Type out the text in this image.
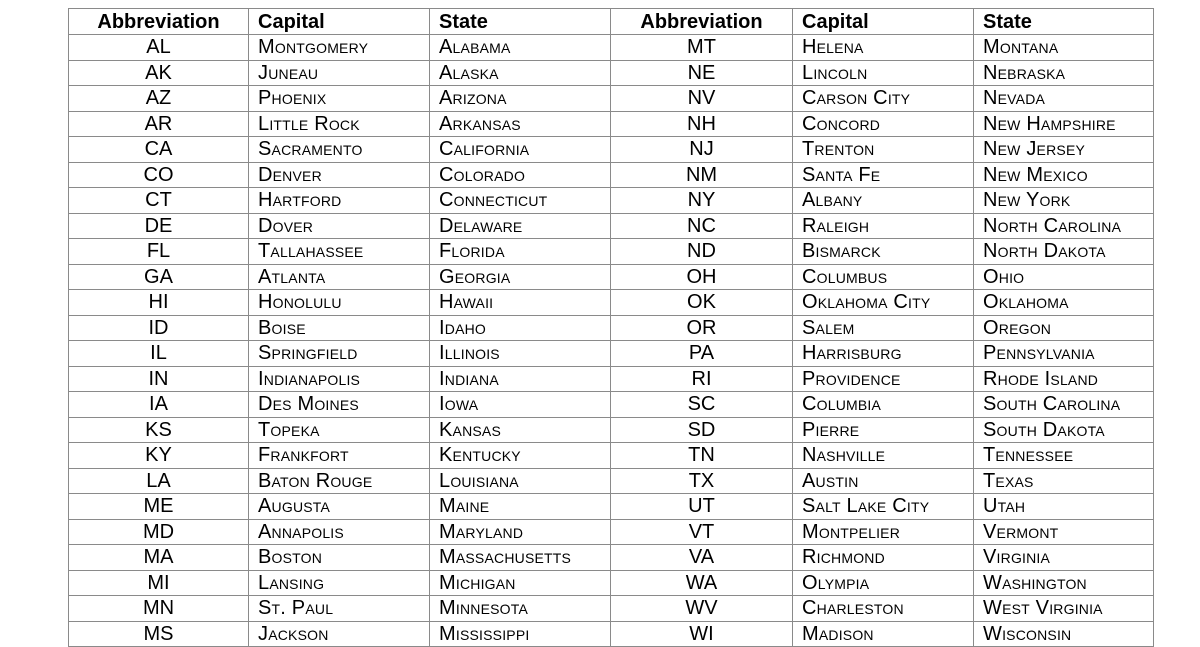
Abbreviation	Capital	State	Abbreviation	Capital	State
AL	Montgomery	Alabama	MT	Helena	Montana
AK	Juneau	Alaska	NE	Lincoln	Nebraska
AZ	Phoenix	Arizona	NV	Carson City	Nevada
AR	Little Rock	Arkansas	NH	Concord	New Hampshire
CA	Sacramento	California	NJ	Trenton	New Jersey
CO	Denver	Colorado	NM	Santa Fe	New Mexico
CT	Hartford	Connecticut	NY	Albany	New York
DE	Dover	Delaware	NC	Raleigh	North Carolina
FL	Tallahassee	Florida	ND	Bismarck	North Dakota
GA	Atlanta	Georgia	OH	Columbus	Ohio
HI	Honolulu	Hawaii	OK	Oklahoma City	Oklahoma
ID	Boise	Idaho	OR	Salem	Oregon
IL	Springfield	Illinois	PA	Harrisburg	Pennsylvania
IN	Indianapolis	Indiana	RI	Providence	Rhode Island
IA	Des Moines	Iowa	SC	Columbia	South Carolina
KS	Topeka	Kansas	SD	Pierre	South Dakota
KY	Frankfort	Kentucky	TN	Nashville	Tennessee
LA	Baton Rouge	Louisiana	TX	Austin	Texas
ME	Augusta	Maine	UT	Salt Lake City	Utah
MD	Annapolis	Maryland	VT	Montpelier	Vermont
MA	Boston	Massachusetts	VA	Richmond	Virginia
MI	Lansing	Michigan	WA	Olympia	Washington
MN	St. Paul	Minnesota	WV	Charleston	West Virginia
MS	Jackson	Mississippi	WI	Madison	Wisconsin
